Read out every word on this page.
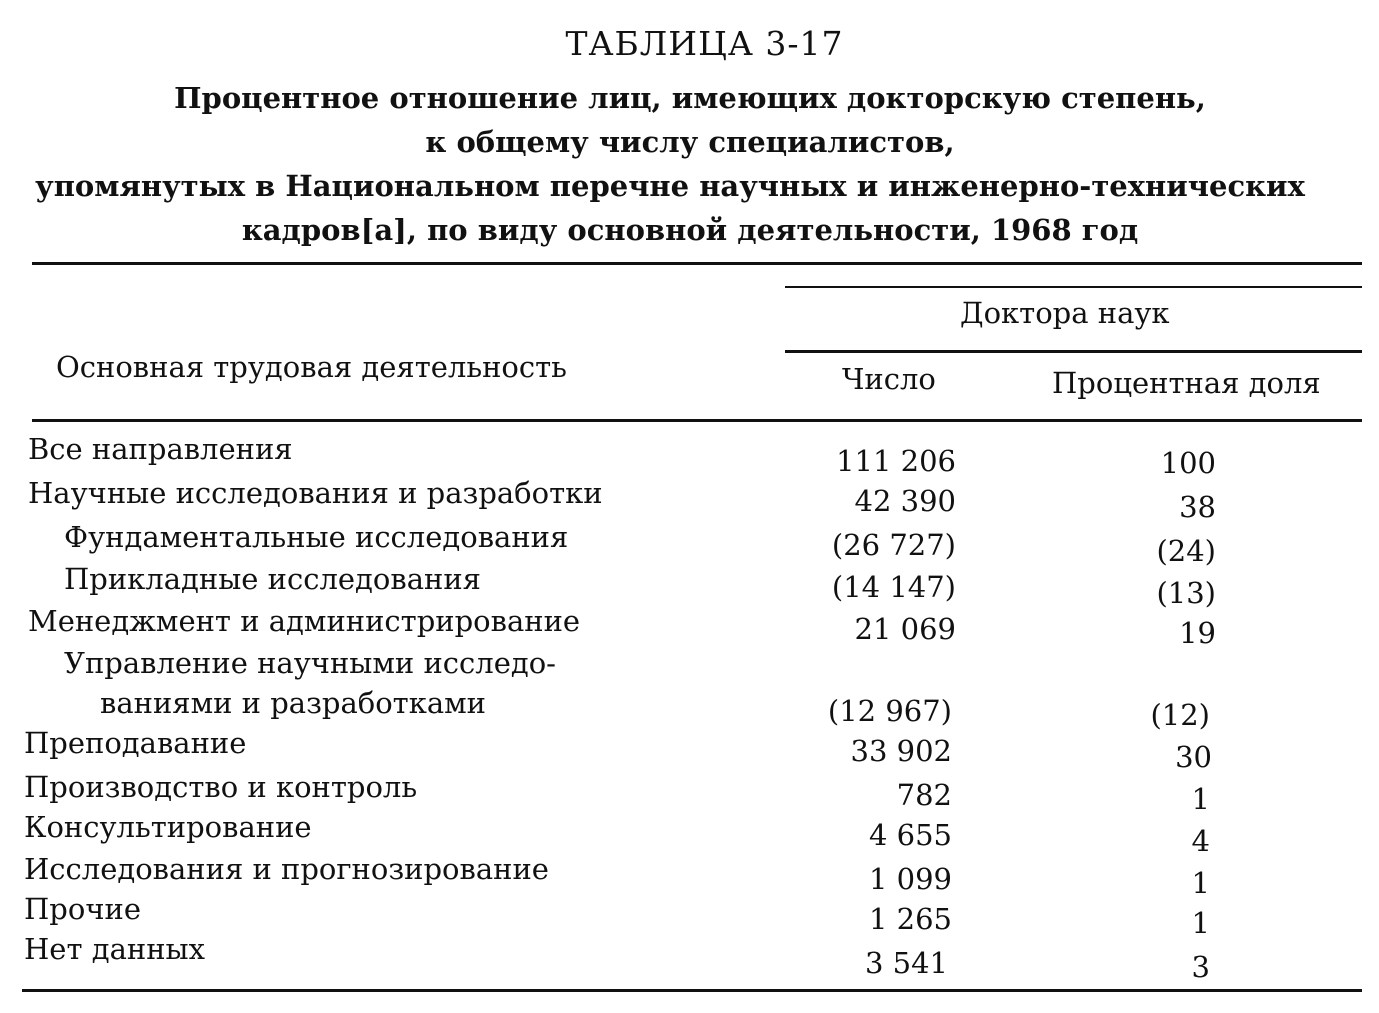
ТАБЛИЦА 3-17
Процентное отношение лиц, имеющих докторскую степень,
к общему числу специалистов,
упомянутых в Национальном перечне научных и инженерно-технических
кадров[а], по виду основной деятельности, 1968 год
Основная трудовая деятельность
Доктора наук
Число	Процентная доля
Все направления	111 206	100
Научные исследования и разработки	42 390	38
Фундаментальные исследования	(26 727)	(24)
Прикладные исследования	(14 147)	(13)
Менеджмент и администрирование	21 069	19
Управление научными исследо-
ваниями и разработками	(12 967)	(12)
Преподавание	33 902	30
Производство и контроль	782	1
Консультирование	4 655	4
Исследования и прогнозирование	1 099	1
Прочие	1 265	1
Нет данных	3 541	3
